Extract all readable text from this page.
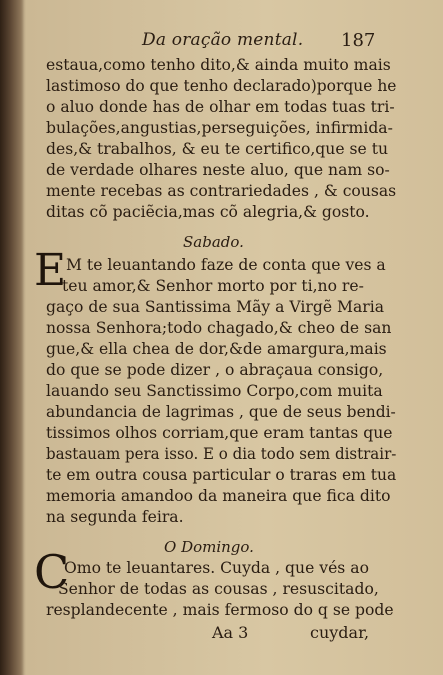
Da oração mental. 187
estaua,como tenho dito,& ainda muito mais
lastimoso do que tenho declarado)porque he
o aluo donde has de olhar em todas tuas tri-
bulações,angustias,perseguições, infirmida-
des,& trabalhos, & eu te certifico,que se tu
de verdade olhares neste aluo, que nam so-
mente recebas as contrariedades , & cousas
ditas cõ paciẽcia,mas cõ alegria,& gosto.
Sabado.
E M te leuantando faze de conta que ves a
teu amor,& Senhor morto por ti,no re-
gaço de sua Santissima Mãy a Virgẽ Maria
nossa Senhora;todo chagado,& cheo de san
gue,& ella chea de dor,&de amargura,mais
do que se pode dizer , o abraçaua consigo,
lauando seu Sanctissimo Corpo,com muita
abundancia de lagrimas , que de seus bendi-
tissimos olhos corriam,que eram tantas que
bastauam pera isso. E o dia todo sem distrair-
te em outra cousa particular o traras em tua
memoria amandoo da maneira que fica dito
na segunda feira.
O Domingo.
C
Omo te leuantares. Cuyda , que vés ao
Senhor de todas as cousas , resuscitado,
resplandecente , mais fermoso do q se pode
Aa 3	cuydar,
